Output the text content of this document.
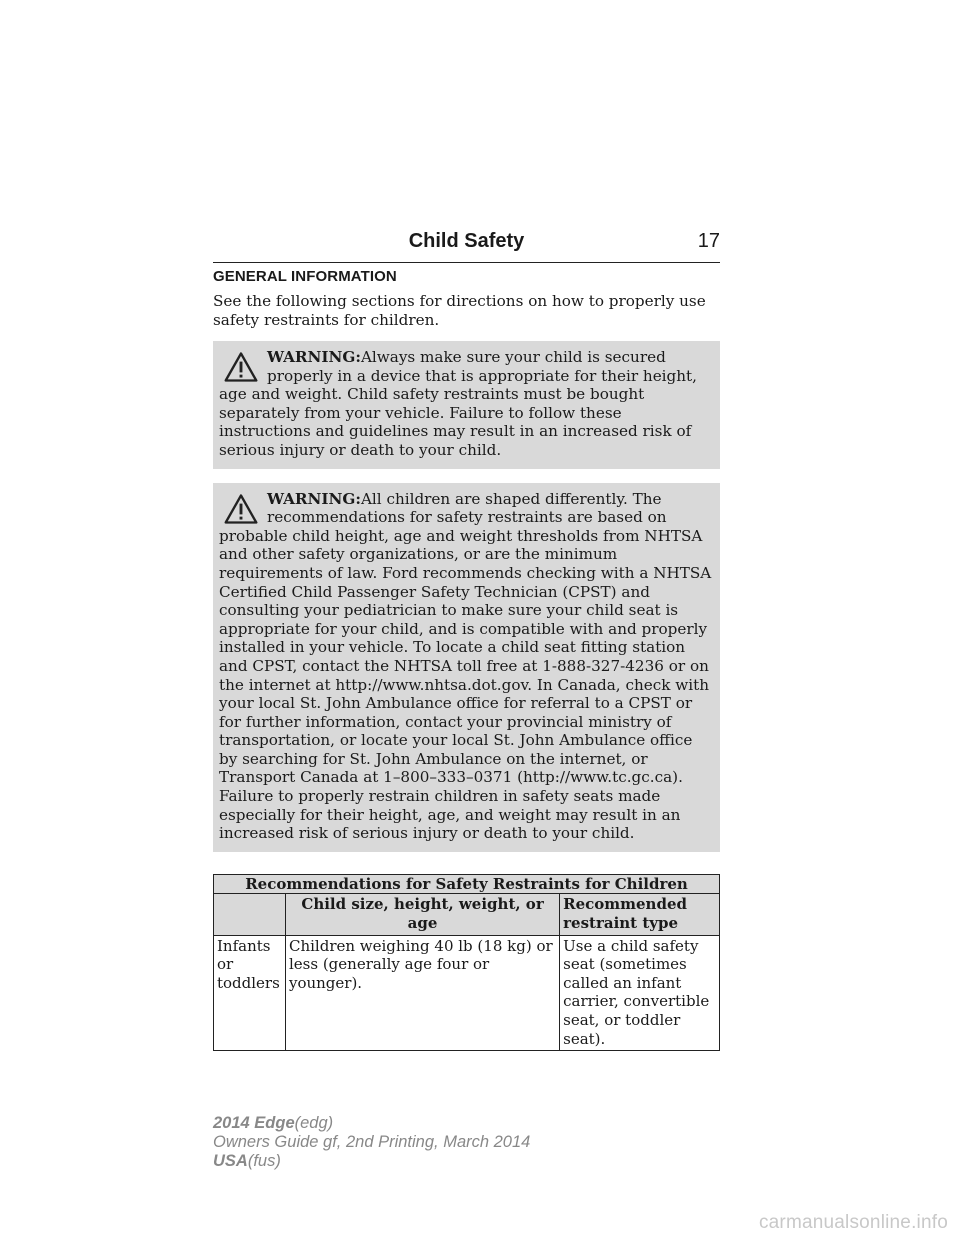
Child Safety	17
GENERAL INFORMATION

See the following sections for directions on how to properly use safety restraints for children.

WARNING:Always make sure your child is secured properly in a device that is appropriate for their height, age and weight. Child safety restraints must be bought separately from your vehicle. Failure to follow these instructions and guidelines may result in an increased risk of serious injury or death to your child.
WARNING:All children are shaped differently. The recommendations for safety restraints are based on probable child height, age and weight thresholds from NHTSA and other safety organizations, or are the minimum requirements of law. Ford recommends checking with a NHTSA Certified Child Passenger Safety Technician (CPST) and consulting your pediatrician to make sure your child seat is appropriate for your child, and is compatible with and properly installed in your vehicle. To locate a child seat fitting station and CPST, contact the NHTSA toll free at 1-888-327-4236 or on the internet at http://www.nhtsa.dot.gov. In Canada, check with your local St. John Ambulance office for referral to a CPST or for further information, contact your provincial ministry of transportation, or locate your local St. John Ambulance office by searching for St. John Ambulance on the internet, or Transport Canada at 1–800–333–0371 (http://www.tc.gc.ca). Failure to properly restrain children in safety seats made especially for their height, age, and weight may result in an increased risk of serious injury or death to your child.
Recommendations for Safety Restraints for Children		
	Child size, height, weight, or age	Recommended restraint type
Infants or toddlers	Children weighing 40 lb (18 kg) or less (generally age four or younger).	Use a child safety seat (sometimes called an infant carrier, convertible seat, or toddler seat).
2014 Edge(edg)
Owners Guide gf, 2nd Printing, March 2014
USA(fus)
carmanualsonline.info
